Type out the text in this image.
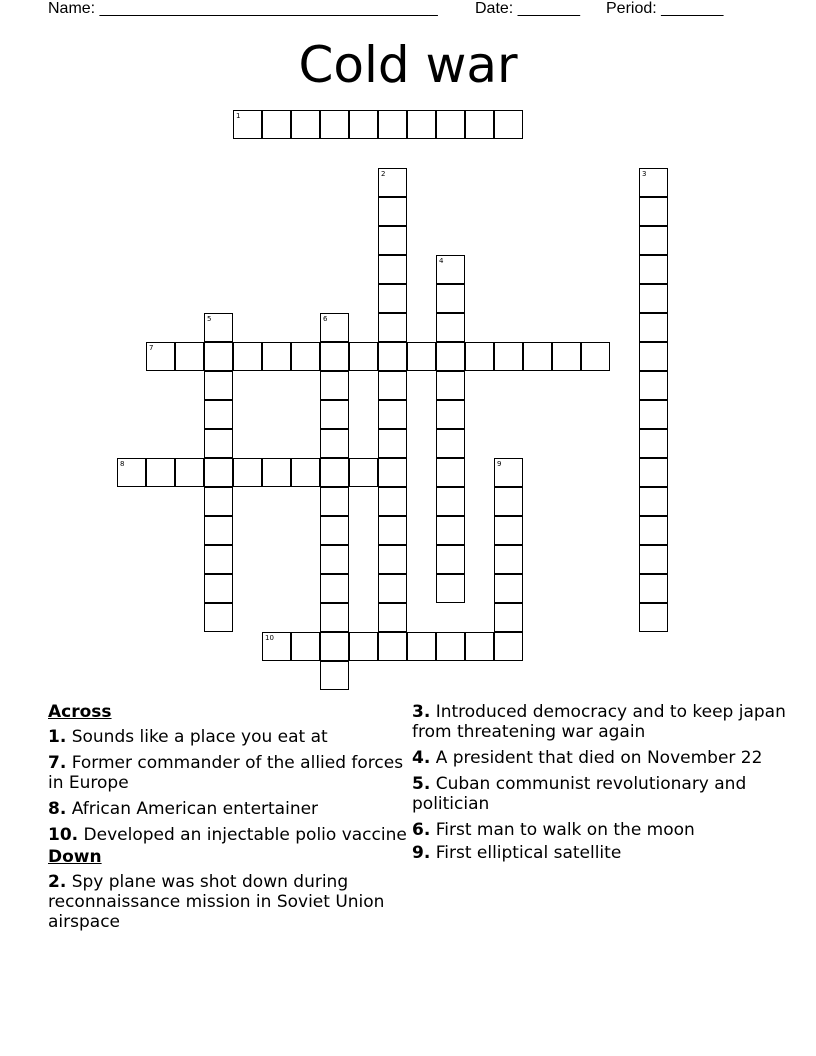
Name: ______________________________________ Date: _______ Period: _______
Cold war
1
2	3
4
5	6
7
8	9
10
Across
1. Sounds like a place you eat at
7. Former commander of the allied forces in Europe
8. African American entertainer
10. Developed an injectable polio vaccine
Down
2. Spy plane was shot down during reconnaissance mission in Soviet Union airspace
3. Introduced democracy and to keep japan from threatening war again
4. A president that died on November 22
5. Cuban communist revolutionary and politician
6. First man to walk on the moon
9. First elliptical satellite
